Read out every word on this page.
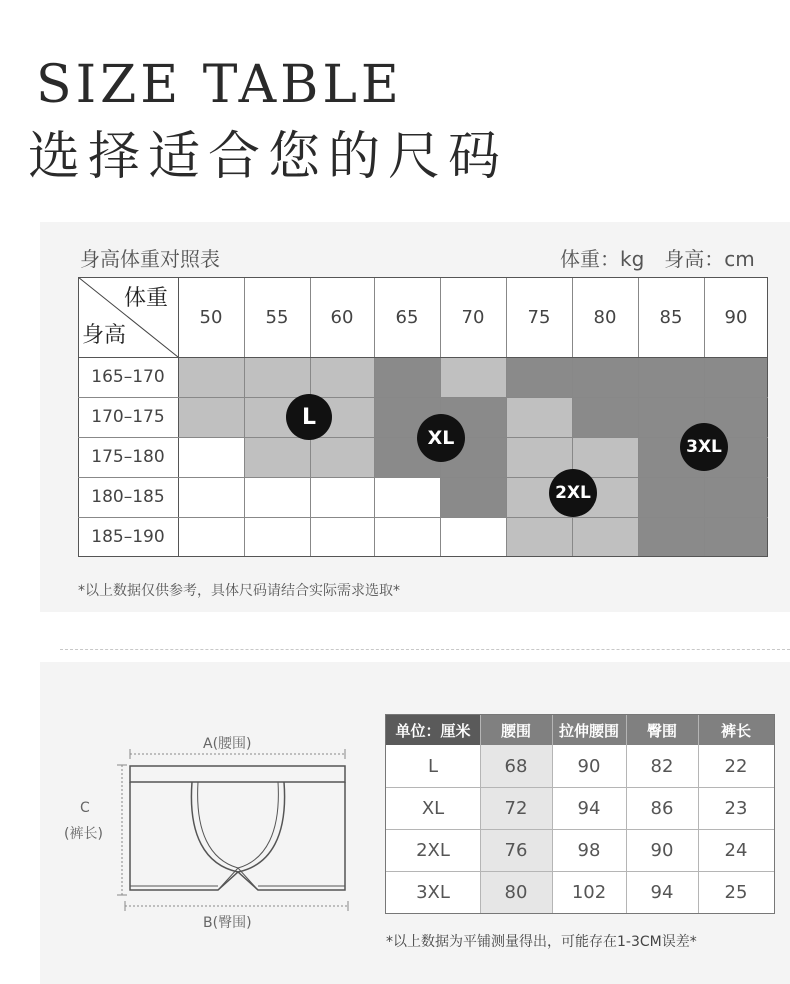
SIZE TABLE
选择适合您的尺码
身高体重对照表	体重：kg　身高：cm
50	55	60	65	70	75	80	85	90
165–170
170–175
175–180
180–185
185–190
L
XL
2XL
3XL
体重
身高
*以上数据仅供参考，具体尺码请结合实际需求选取*
A(腰围)
C
(裤长)
B(臀围)
单位：厘米	腰围	拉伸腰围	臀围	裤长
L	68	90	82	22
XL	72	94	86	23
2XL	76	98	90	24
3XL	80	102	94	25
*以上数据为平铺测量得出，可能存在1-3CM误差*
